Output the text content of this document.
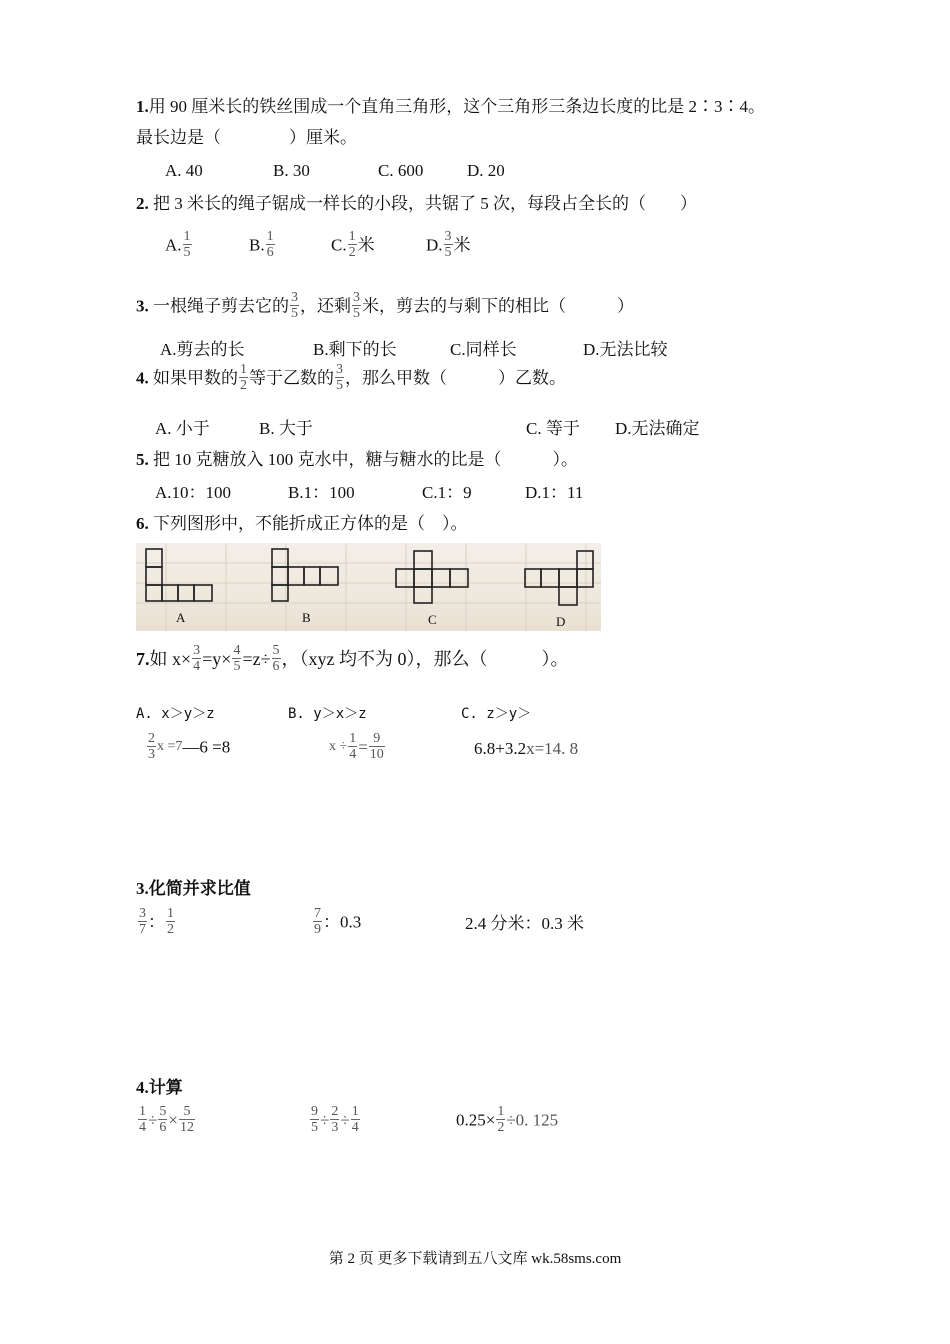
1.用 90 厘米长的铁丝围成一个直角三角形，这个三角形三条边长度的比是 2∶3∶4。
最长边是（　　　　）厘米。
A. 40	B. 30	C. 600	D. 20
2. 把 3 米长的绳子锯成一样长的小段，共锯了 5 次，每段占全长的（　　）
A. $\frac{1}{5}$	B. $\frac{1}{6}$	C. $\frac{1}{2}$ 米	D. $\frac{3}{5}$ 米
3. 一根绳子剪去它的 $\frac{3}{5}$ ，还剩 $\frac{3}{5}$ 米，剪去的与剩下的相比（　　　）
A.剪去的长	B.剩下的长	C.同样长	D.无法比较
4. 如果甲数的 $\frac{1}{2}$ 等于乙数的 $\frac{3}{5}$ ，那么甲数（　　　）乙数。
A. 小于	B. 大于	C. 等于 D.无法确定
5. 把 10 克糖放入 100 克水中，糖与糖水的比是（　　　）。
A.10：100	B.1：100	C.1：9	D.1：11
6. 下列图形中，不能折成正方体的是（　）。
A	B	C	D
7.如 $x\times \frac{3}{4} =y\times \frac{4}{5} =z\div \frac{5}{6}$ ，（xyz 均不为 0），那么（　　　）。
A. x＞y＞z	B. y＞x＞z	C. z＞y＞
$\frac{2}{3}$ x =7—6 =8	$x \div \frac{1}{4} = \frac{9}{10}$	6.8+3.2x=14. 8
3.化简并求比值
$\frac{3}{7}$ ： $\frac{1}{2}$	$\frac{7}{9}$ ：0.3	2.4 分米：0.3 米
4.计算
$\frac{1}{4} \div \frac{5}{6} \times \frac{5}{12}$	$\frac{9}{5} \div \frac{2}{3} \div \frac{1}{4}$	$0.25\times \frac{1}{2} \div 0$. 125
第 2 页 更多下载请到五八文库 wk.58sms.com
